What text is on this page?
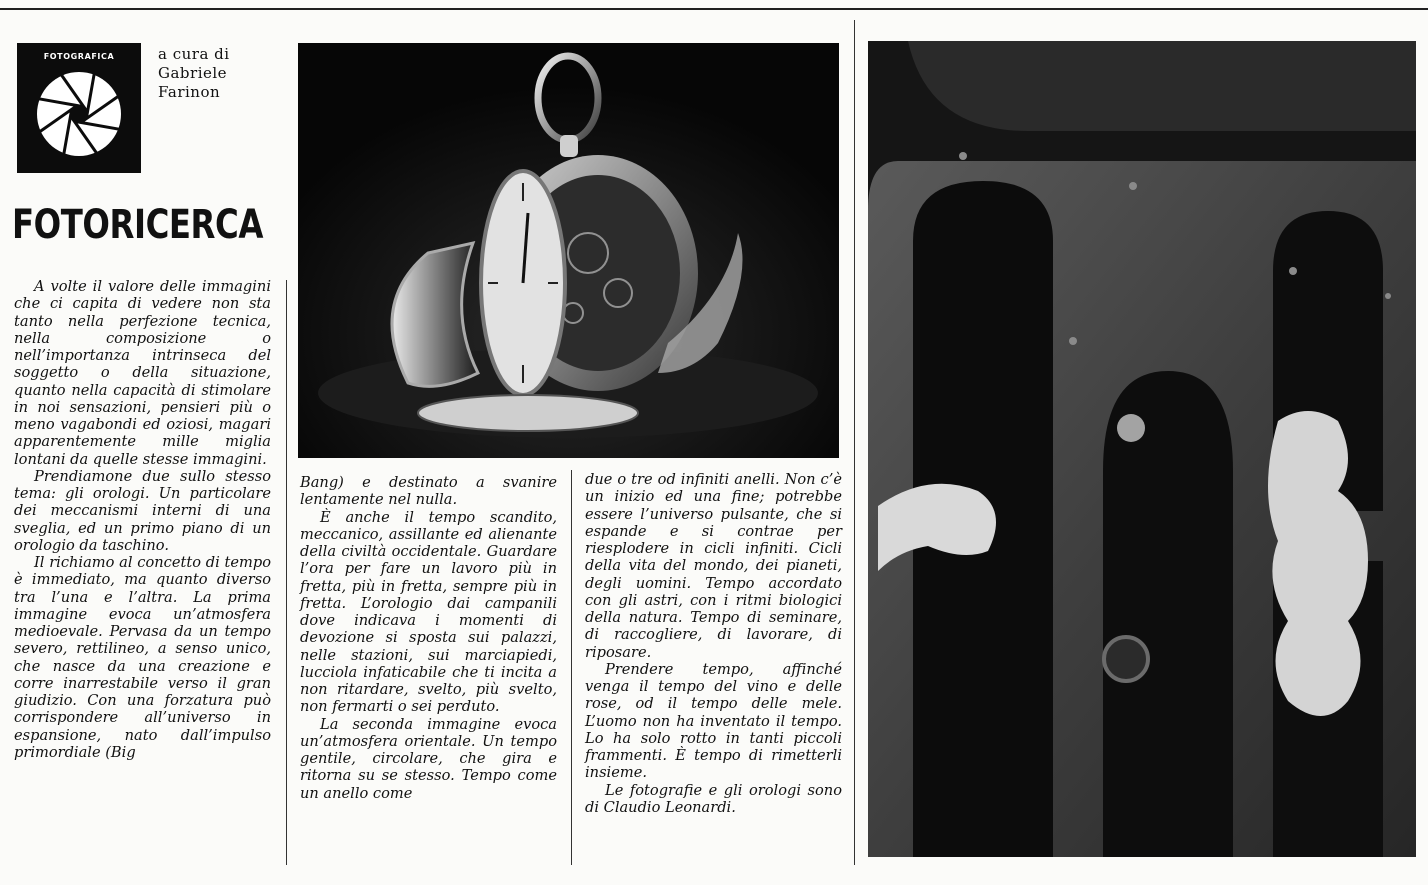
FOTOGRAFICA	a cura di
Gabriele
Farinon
FOTORICERCA

A volte il valore delle immagini che ci capita di vedere non sta tanto nella perfezione tecnica, nella composizione o nell’importanza intrinseca del soggetto o della situazione, quanto nella capacità di stimolare in noi sensazioni, pensieri più o meno vagabondi ed oziosi, magari apparentemente mille miglia lontani da quelle stesse immagini.

Prendiamone due sullo stesso tema: gli orologi. Un particolare dei meccanismi interni di una sveglia, ed un primo piano di un orologio da taschino.

Il richiamo al concetto di tempo è immediato, ma quanto diverso tra l’una e l’altra. La prima immagine evoca un’atmosfera medioevale. Pervasa da un tempo severo, rettilineo, a senso unico, che nasce da una creazione e corre inarrestabile verso il gran giudizio. Con una forzatura può corrispondere all’universo in espansione, nato dall’impulso primordiale (Big

Bang) e destinato a svanire lentamente nel nulla.

È anche il tempo scandito, meccanico, assillante ed alienante della civiltà occidentale. Guardare l’ora per fare un lavoro più in fretta, più in fretta, sempre più in fretta. L’orologio dai campanili dove indicava i momenti di devozione si sposta sui palazzi, nelle stazioni, sui marciapiedi, lucciola infaticabile che ti incita a non ritardare, svelto, più svelto, non fermarti o sei perduto.

La seconda immagine evoca un’atmosfera orientale. Un tempo gentile, circolare, che gira e ritorna su se stesso. Tempo come un anello come

due o tre od infiniti anelli. Non c’è un inizio ed una fine; potrebbe essere l’universo pulsante, che si espande e si contrae per riesplodere in cicli infiniti. Cicli della vita del mondo, dei pianeti, degli uomini. Tempo accordato con gli astri, con i ritmi biologici della natura. Tempo di seminare, di raccogliere, di lavorare, di riposare.

Prendere tempo, affinché venga il tempo del vino e delle rose, od il tempo delle mele. L’uomo non ha inventato il tempo. Lo ha solo rotto in tanti piccoli frammenti. È tempo di rimetterli insieme.

Le fotografie e gli orologi sono di Claudio Leonardi.
